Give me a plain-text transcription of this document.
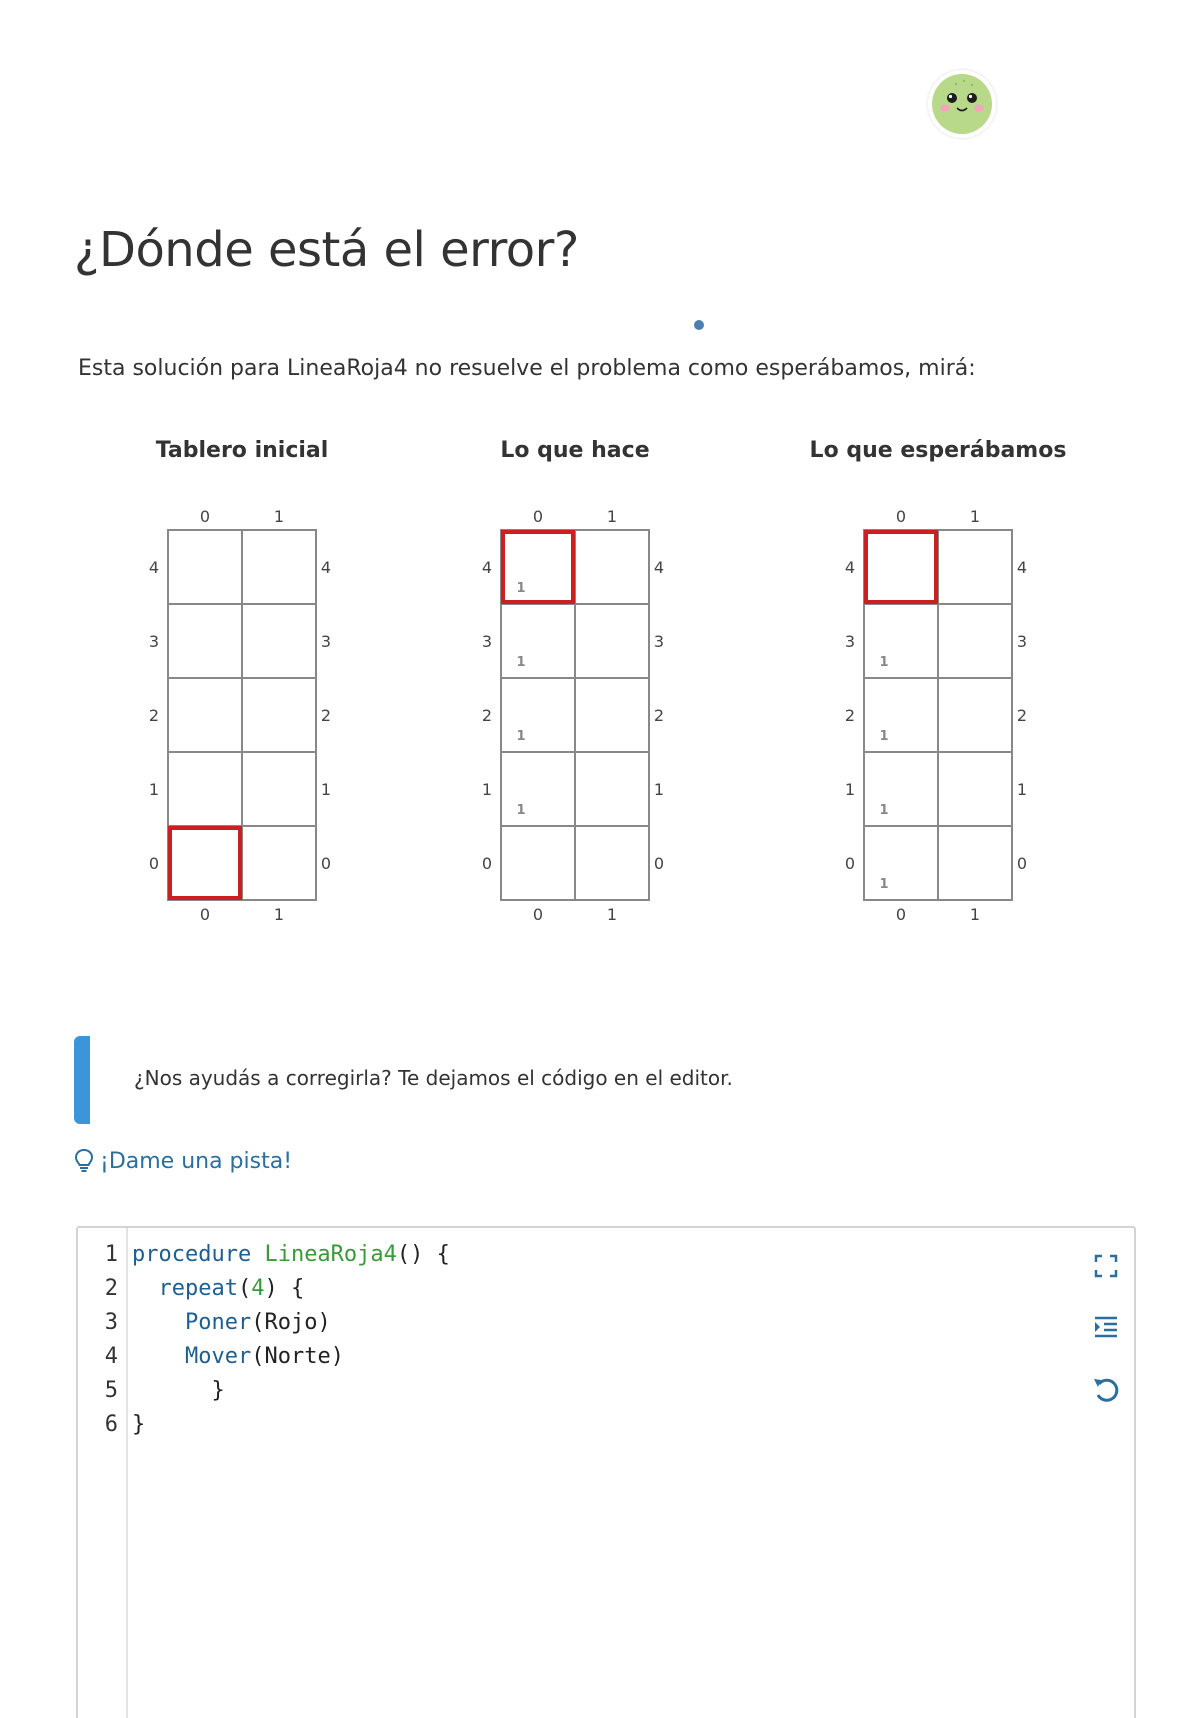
¿Dónde está el error?

Esta solución para LineaRoja4 no resuelve el problema como esperábamos, mirá:

Tablero inicial	Lo que hace	Lo que esperábamos
0
0
1
1
4	4
3	3
2	2
1	1
0	0
0
0
1
1
4	4
3	3
2	2
1	1
0	0
1
1
1
1
0
0
1
1
4	4
3	3
2	2
1	1
0	0
1
1
1
1
¿Nos ayudás a corregirla? Te dejamos el código en el editor.
¡Dame una pista!
1
2
3
4
5
6
procedure LineaRoja4() {
repeat(4) {
Poner(Rojo)
Mover(Norte)
}
}
